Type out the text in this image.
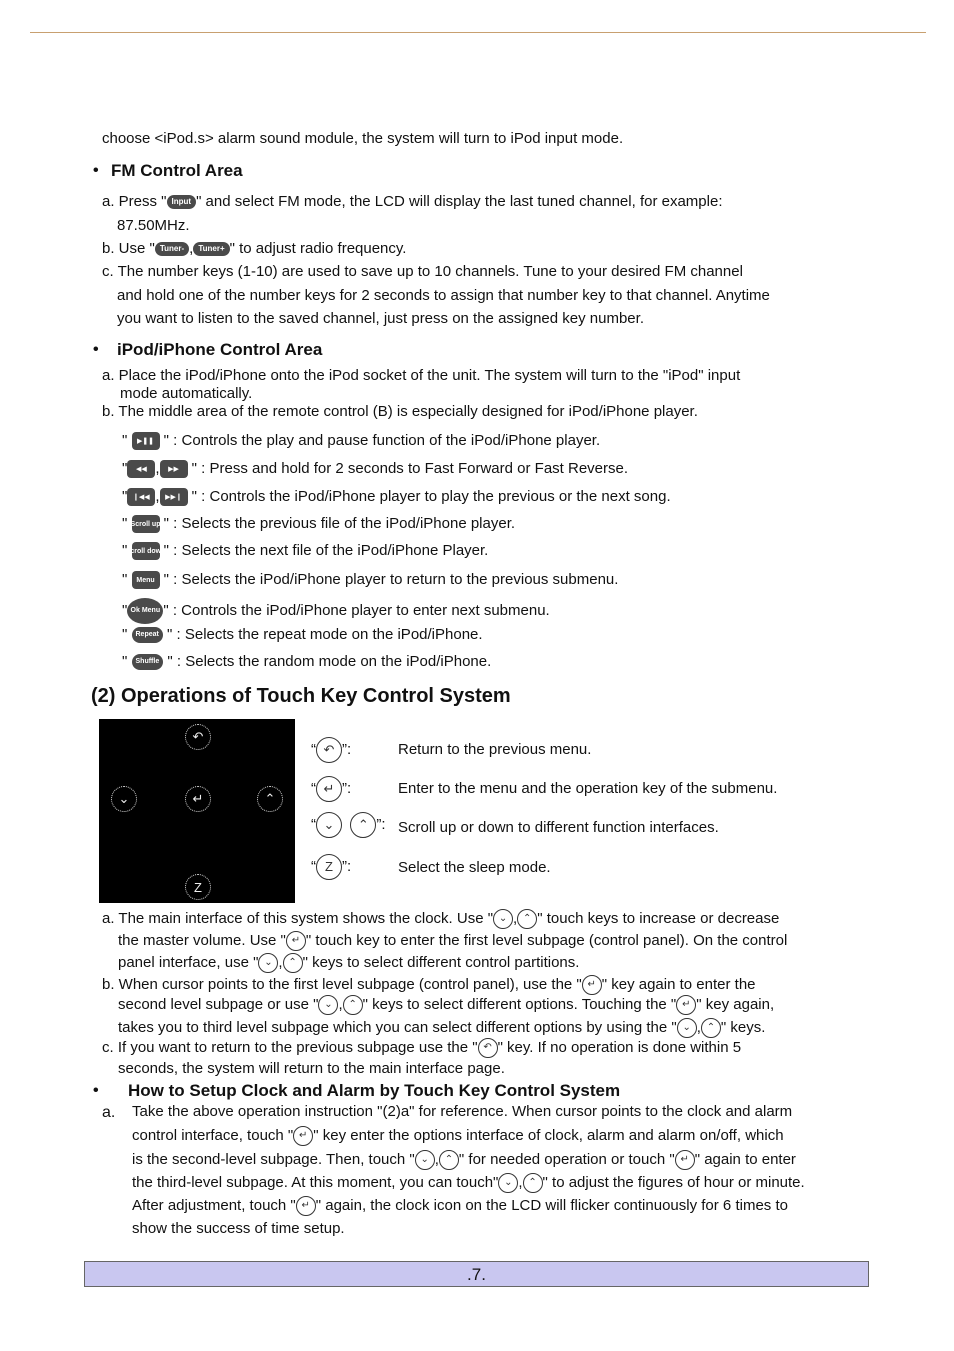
choose <iPod.s> alarm sound module, the system will turn to iPod input mode.
• FM Control Area
a. Press " Input " and select FM mode, the LCD will display the last tuned channel, for example:
87.50MHz.
b. Use " Tuner- , Tuner+ " to adjust radio frequency.
c. The number keys (1-10) are used to save up to 10 channels. Tune to your desired FM channel
and hold one of the number keys for 2 seconds to assign that number key to that channel. Anytime
you want to listen to the saved channel, just press on the assigned key number.
• iPod/iPhone Control Area
a. Place the iPod/iPhone onto the iPod socket of the unit. The system will turn to the "iPod" input
mode automatically.
b. The middle area of the remote control (B) is especially designed for iPod/iPhone player.
" ▶❚❚ " : Controls the play and pause function of the iPod/iPhone player.
" ◀◀ , ▶▶ " : Press and hold for 2 seconds to Fast Forward or Fast Reverse.
" ❙◀◀ , ▶▶❙ " : Controls the iPod/iPhone player to play the previous or the next song.
" Scroll up " : Selects the previous file of the iPod/iPhone player.
" Scroll down " : Selects the next file of the iPod/iPhone Player.
" Menu " : Selects the iPod/iPhone player to return to the previous submenu.
" Ok Menu " : Controls the iPod/iPhone player to enter next submenu.
" Repeat " : Selects the repeat mode on the iPod/iPhone.
" Shuffle " : Selects the random mode on the iPod/iPhone.
(2) Operations of Touch Key Control System
↶
⌄	↵	⌃
Z
“ ↶ ”:	Return to the previous menu.
“ ↵ ”:	Enter to the menu and the operation key of the submenu.
“ ⌄ ⌃ ”: Scroll up or down to different function interfaces.
“ Z ”:	Select the sleep mode.
a. The main interface of this system shows the clock. Use " ⌄ , ⌃ " touch keys to increase or decrease
the master volume. Use " ↵ " touch key to enter the first level subpage (control panel). On the control
panel interface, use " ⌄ , ⌃ " keys to select different control partitions.
b. When cursor points to the first level subpage (control panel), use the " ↵ " key again to enter the
second level subpage or use " ⌄ , ⌃ " keys to select different options. Touching the " ↵ " key again,
takes you to third level subpage which you can select different options by using the " ⌄ , ⌃ " keys.
c. If you want to return to the previous subpage use the " ↶ " key. If no operation is done within 5
seconds, the system will return to the main interface page.
• How to Setup Clock and Alarm by Touch Key Control System
a. Take the above operation instruction "(2)a" for reference. When cursor points to the clock and alarm
control interface, touch " ↵ " key enter the options interface of clock, alarm and alarm on/off, which
is the second-level subpage. Then, touch " ⌄ , ⌃ " for needed operation or touch " ↵ " again to enter
the third-level subpage. At this moment, you can touch" ⌄ , ⌃ " to adjust the figures of hour or minute.
After adjustment, touch " ↵ " again, the clock icon on the LCD will flicker continuously for 6 times to
show the success of time setup.
.7.
